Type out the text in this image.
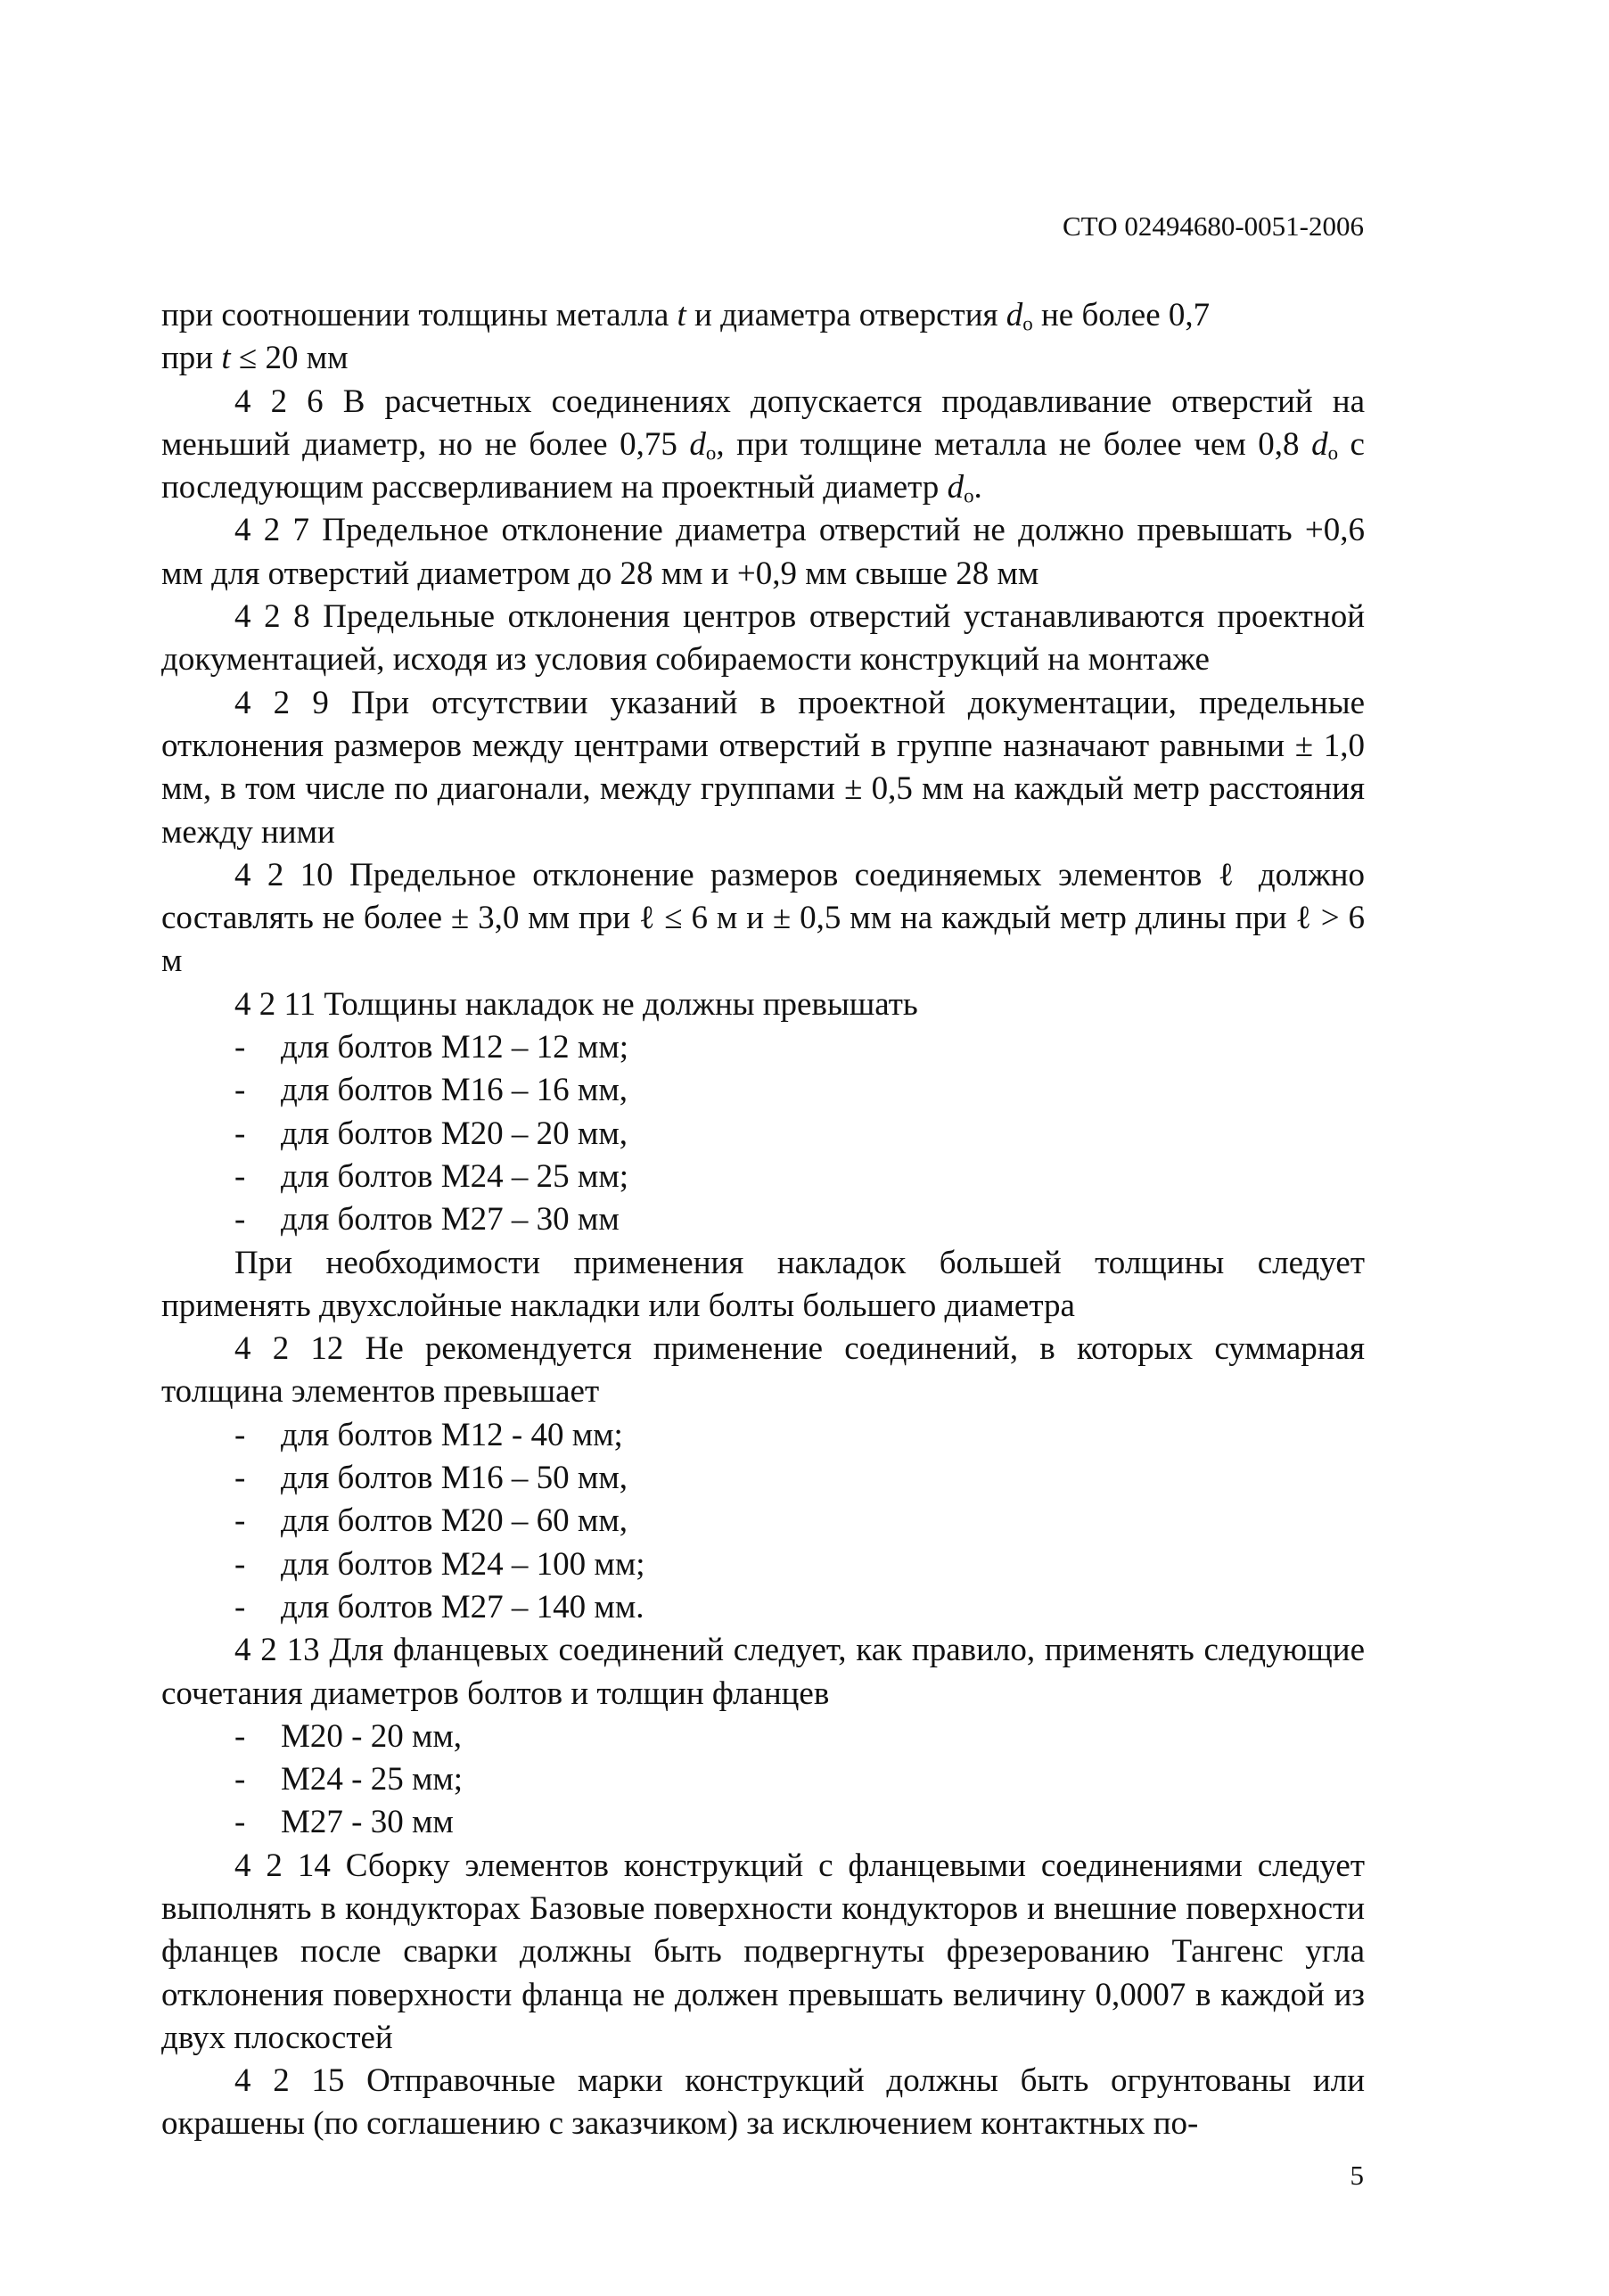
СТО 02494680-0051-2006

при соотношении толщины металла t и диаметра отверстия $d_o$ не более 0,7

при t ≤ 20 мм

4 2 6 В расчетных соединениях допускается продавливание отверстий на меньший диаметр, но не более 0,75 $d_o$, при толщине металла не более чем 0,8 $d_o$ с последующим рассверливанием на проектный диаметр $d_o$.

4 2 7 Предельное отклонение диаметра отверстий не должно превышать +0,6 мм для отверстий диаметром до 28 мм и +0,9 мм свыше 28 мм

4 2 8 Предельные отклонения центров отверстий устанавливаются проектной документацией, исходя из условия собираемости конструкций на монтаже

4 2 9 При отсутствии указаний в проектной документации, предельные отклонения размеров между центрами отверстий в группе назначают равными ± 1,0 мм, в том числе по диагонали, между группами ± 0,5 мм на каждый метр расстояния между ними

4 2 10 Предельное отклонение размеров соединяемых элементов ℓ должно составлять не более ± 3,0 мм при ℓ ≤ 6 м и ± 0,5 мм на каждый метр длины при ℓ > 6 м

4 2 11 Толщины накладок не должны превышать

- для болтов М12 – 12 мм;

- для болтов М16 – 16 мм,

- для болтов М20 – 20 мм,

- для болтов М24 – 25 мм;

- для болтов М27 – 30 мм

При необходимости применения накладок большей толщины следует применять двухслойные накладки или болты большего диаметра

4 2 12 Не рекомендуется применение соединений, в которых суммарная толщина элементов превышает

- для болтов М12 - 40 мм;

- для болтов М16 – 50 мм,

- для болтов М20 – 60 мм,

- для болтов М24 – 100 мм;

- для болтов М27 – 140 мм.

4 2 13 Для фланцевых соединений следует, как правило, применять следующие сочетания диаметров болтов и толщин фланцев

- М20 - 20 мм,

- М24 - 25 мм;

- М27 - 30 мм

4 2 14 Сборку элементов конструкций с фланцевыми соединениями следует выполнять в кондукторах Базовые поверхности кондукторов и внешние поверхности фланцев после сварки должны быть подвергнуты фрезерованию Тангенс угла отклонения поверхности фланца не должен превышать величину 0,0007 в каждой из двух плоскостей

4 2 15 Отправочные марки конструкций должны быть огрунтованы или окрашены (по соглашению с заказчиком) за исключением контактных по-

5
